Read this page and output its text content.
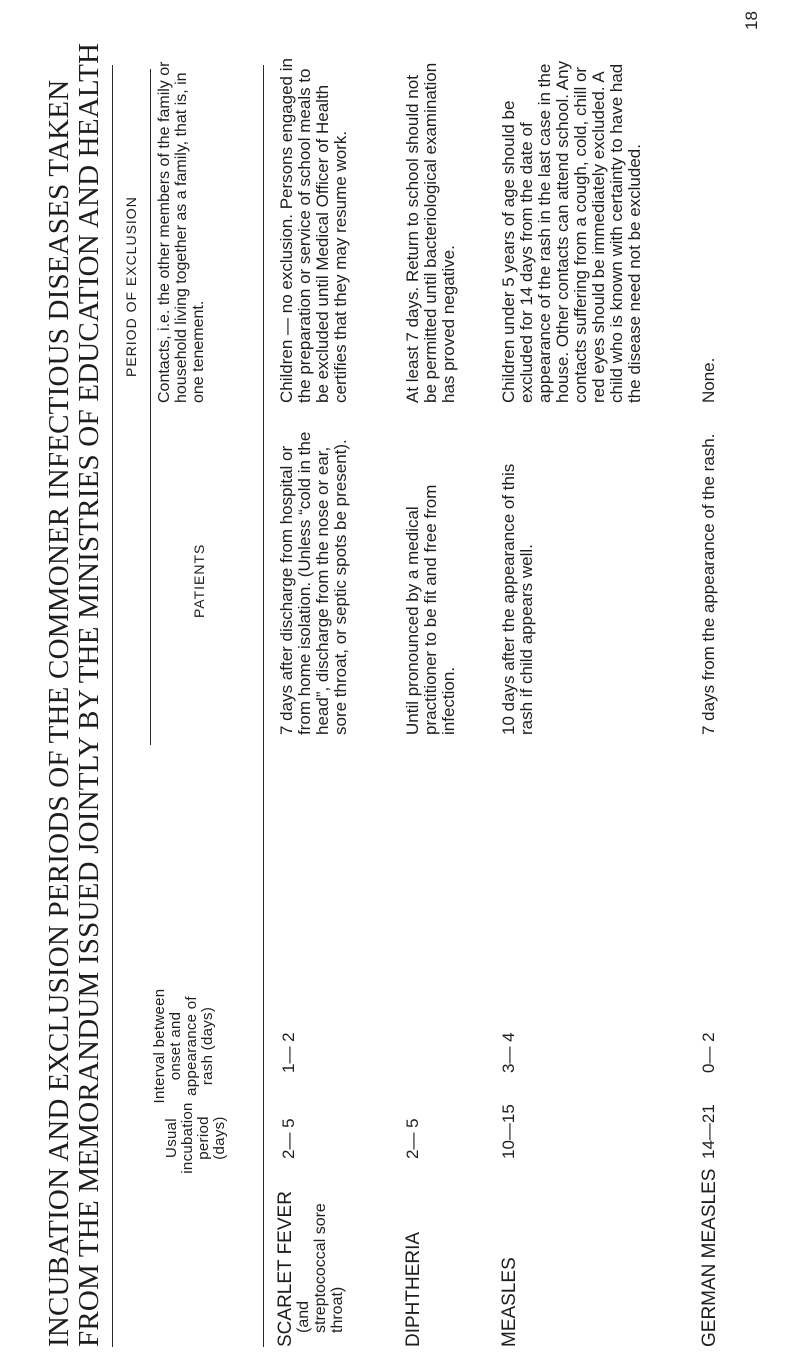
INCUBATION AND EXCLUSION PERIODS OF THE COMMONER INFECTIOUS DISEASES TAKEN
FROM THE MEMORANDUM ISSUED JOINTLY BY THE MINISTRIES OF EDUCATION AND HEALTH	Usual incubation period (days)
Interval between onset and appearance of rash (days)
PERIOD OF EXCLUSION
PATIENTS
Contacts, i.e. the other members of the family or household living together as a family, that is, in one tenement.
SCARLET FEVER (and streptococcal sore throat)
2— 5
1— 2
7 days after discharge from hospital or from home isolation. (Unless “cold in the head”, discharge from the nose or ear, sore throat, or septic spots be present).
Children — no exclusion. Persons engaged in the preparation or service of school meals to be excluded until Medical Officer of Health certifies that they may resume work.
DIPHTHERIA
2— 5
Until pronounced by a medical practitioner to be fit and free from infection.
At least 7 days. Return to school should not be permitted until bacteriological examination has proved negative.
MEASLES
10—15
3— 4
10 days after the appearance of this rash if child appears well.
Children under 5 years of age should be excluded for 14 days from the date of appearance of the rash in the last case in the house. Other contacts can attend school. Any contacts suffering from a cough, cold, chill or red eyes should be immediately excluded. A child who is known with certainty to have had the disease need not be excluded.
GERMAN MEASLES
14—21
0— 2
7 days from the appearance of the rash.
None.
18
